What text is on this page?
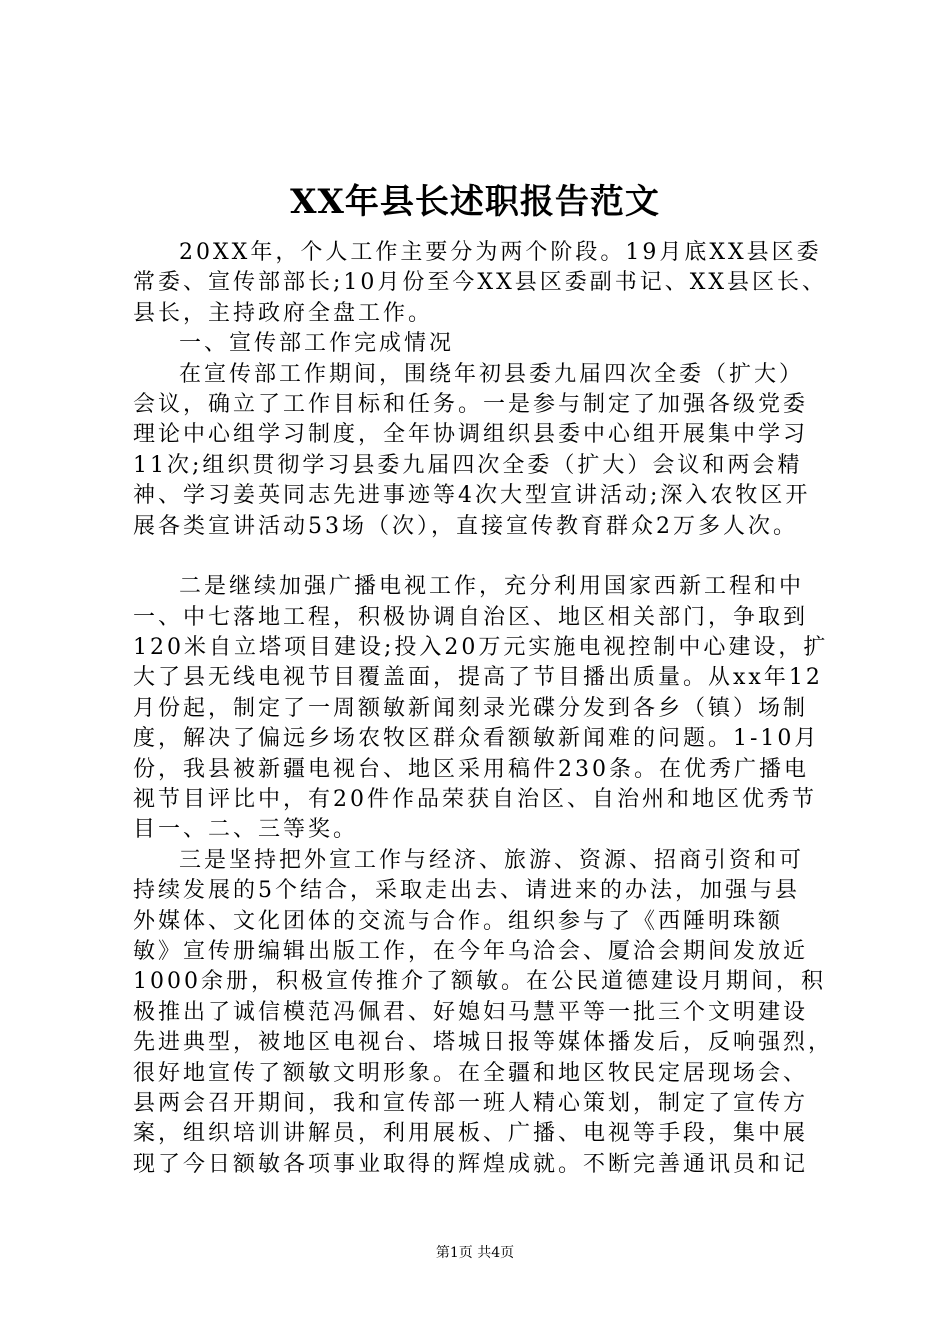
XX年县长述职报告范文
20XX年，个人工作主要分为两个阶段。19月底XX县区委
常委、宣传部部长;10月份至今XX县区委副书记、XX县区长、
县长，主持政府全盘工作。
一、宣传部工作完成情况
在宣传部工作期间，围绕年初县委九届四次全委（扩大）
会议，确立了工作目标和任务。一是参与制定了加强各级党委
理论中心组学习制度，全年协调组织县委中心组开展集中学习
11次;组织贯彻学习县委九届四次全委（扩大）会议和两会精
神、学习姜英同志先进事迹等4次大型宣讲活动;深入农牧区开
展各类宣讲活动53场（次），直接宣传教育群众2万多人次。
二是继续加强广播电视工作，充分利用国家西新工程和中
一、中七落地工程，积极协调自治区、地区相关部门，争取到
120米自立塔项目建设;投入20万元实施电视控制中心建设，扩
大了县无线电视节目覆盖面，提高了节目播出质量。从xx年12
月份起，制定了一周额敏新闻刻录光碟分发到各乡（镇）场制
度，解决了偏远乡场农牧区群众看额敏新闻难的问题。1-10月
份，我县被新疆电视台、地区采用稿件230条。在优秀广播电
视节目评比中，有20件作品荣获自治区、自治州和地区优秀节
目一、二、三等奖。
三是坚持把外宣工作与经济、旅游、资源、招商引资和可
持续发展的5个结合，采取走出去、请进来的办法，加强与县
外媒体、文化团体的交流与合作。组织参与了《西陲明珠额
敏》宣传册编辑出版工作，在今年乌洽会、厦洽会期间发放近
1000余册，积极宣传推介了额敏。在公民道德建设月期间，积
极推出了诚信模范冯佩君、好媳妇马慧平等一批三个文明建设
先进典型，被地区电视台、塔城日报等媒体播发后，反响强烈，
很好地宣传了额敏文明形象。在全疆和地区牧民定居现场会、
县两会召开期间，我和宣传部一班人精心策划，制定了宣传方
案，组织培训讲解员，利用展板、广播、电视等手段，集中展
现了今日额敏各项事业取得的辉煌成就。不断完善通讯员和记
第1页 共4页
